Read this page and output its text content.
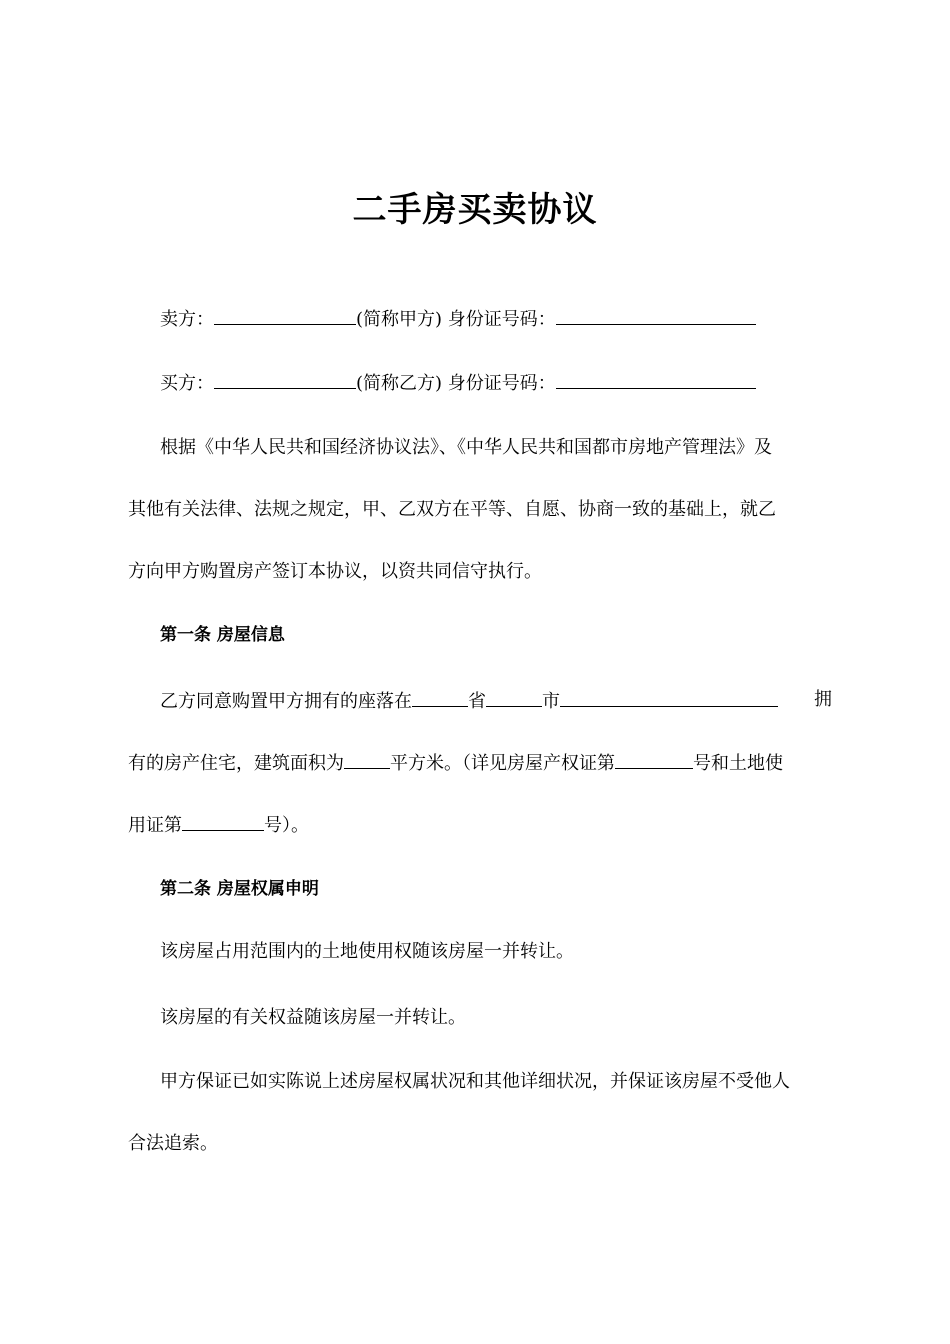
二手房买卖协议
卖方：	(简称甲方) 身份证号码：
买方：	(简称乙方) 身份证号码：
根据《中华人民共和国经济协议法》、《中华人民共和国都市房地产管理法》及
其他有关法律、法规之规定，甲、乙双方在平等、自愿、协商一致的基础上，就乙
方向甲方购置房产签订本协议，以资共同信守执行。
第一条 房屋信息
乙方同意购置甲方拥有的座落在	省	市	拥
有的房产住宅，建筑面积为	平方米。（详见房屋产权证第	号和土地使
用证第	号）。
第二条 房屋权属申明
该房屋占用范围内的土地使用权随该房屋一并转让。
该房屋的有关权益随该房屋一并转让。
甲方保证已如实陈说上述房屋权属状况和其他详细状况，并保证该房屋不受他人
合法追索。
